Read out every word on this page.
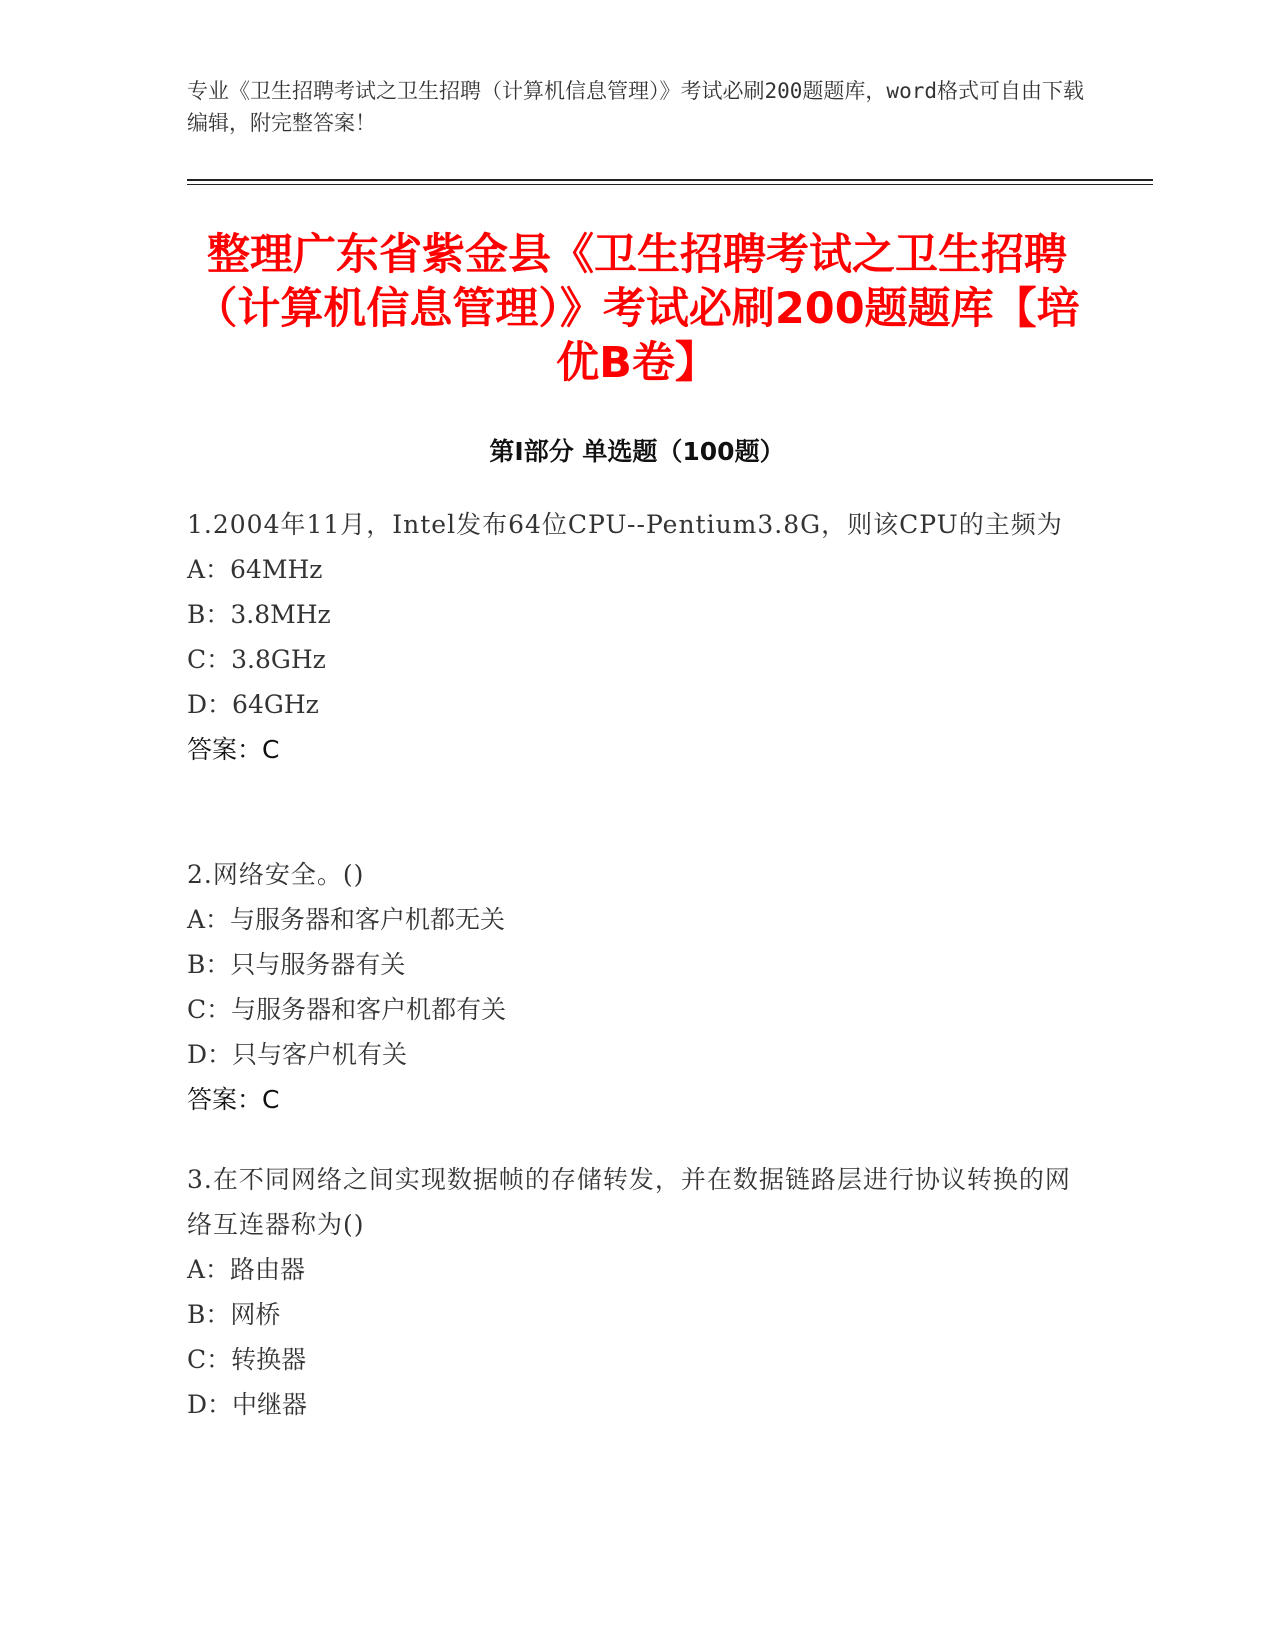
专业《卫生招聘考试之卫生招聘（计算机信息管理）》考试必刷200题题库，word格式可自由下载编辑，附完整答案！
整理广东省紫金县《卫生招聘考试之卫生招聘（计算机信息管理）》考试必刷200题题库【培优B卷】
第Ⅰ部分 单选题（100题）
1.2004年11月，Intel发布64位CPU--Pentium3.8G，则该CPU的主频为
A：64MHz
B：3.8MHz
C：3.8GHz
D：64GHz
答案：C
2.网络安全。()
A：与服务器和客户机都无关
B：只与服务器有关
C：与服务器和客户机都有关
D：只与客户机有关
答案：C
3.在不同网络之间实现数据帧的存储转发，并在数据链路层进行协议转换的网络互连器称为()
A：路由器
B：网桥
C：转换器
D：中继器
